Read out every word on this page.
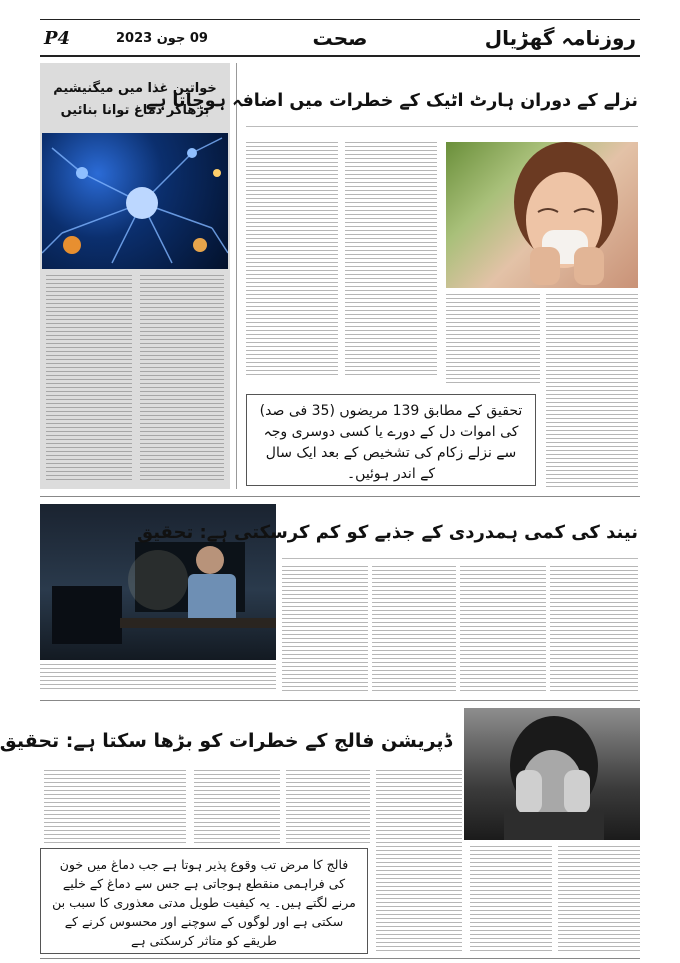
P4	09 جون 2023	صحت	روزنامہ گھڑیال
خواتین غذا میں میگنیشیم بڑھاکر دماغ توانا بنائیں
نزلے کے دوران ہارٹ اٹیک کے خطرات میں اضافہ ہوجاتا ہے
تحقیق کے مطابق 139 مریضوں (35 فی صد) کی اموات دل کے دورے یا کسی دوسری وجہ سے نزلے زکام کی تشخیص کے بعد ایک سال کے اندر ہوئیں۔
نیند کی کمی ہمدردی کے جذبے کو کم کرسکتی ہے: تحقیق
ڈپریشن فالج کے خطرات کو بڑھا سکتا ہے: تحقیق
فالج کا مرض تب وقوع پذیر ہوتا ہے جب دماغ میں خون کی فراہمی منقطع ہوجاتی ہے جس سے دماغ کے خلیے مرنے لگتے ہیں۔ یہ کیفیت طویل مدتی معذوری کا سبب بن سکتی ہے اور لوگوں کے سوچنے اور محسوس کرنے کے طریقے کو متاثر کرسکتی ہے
